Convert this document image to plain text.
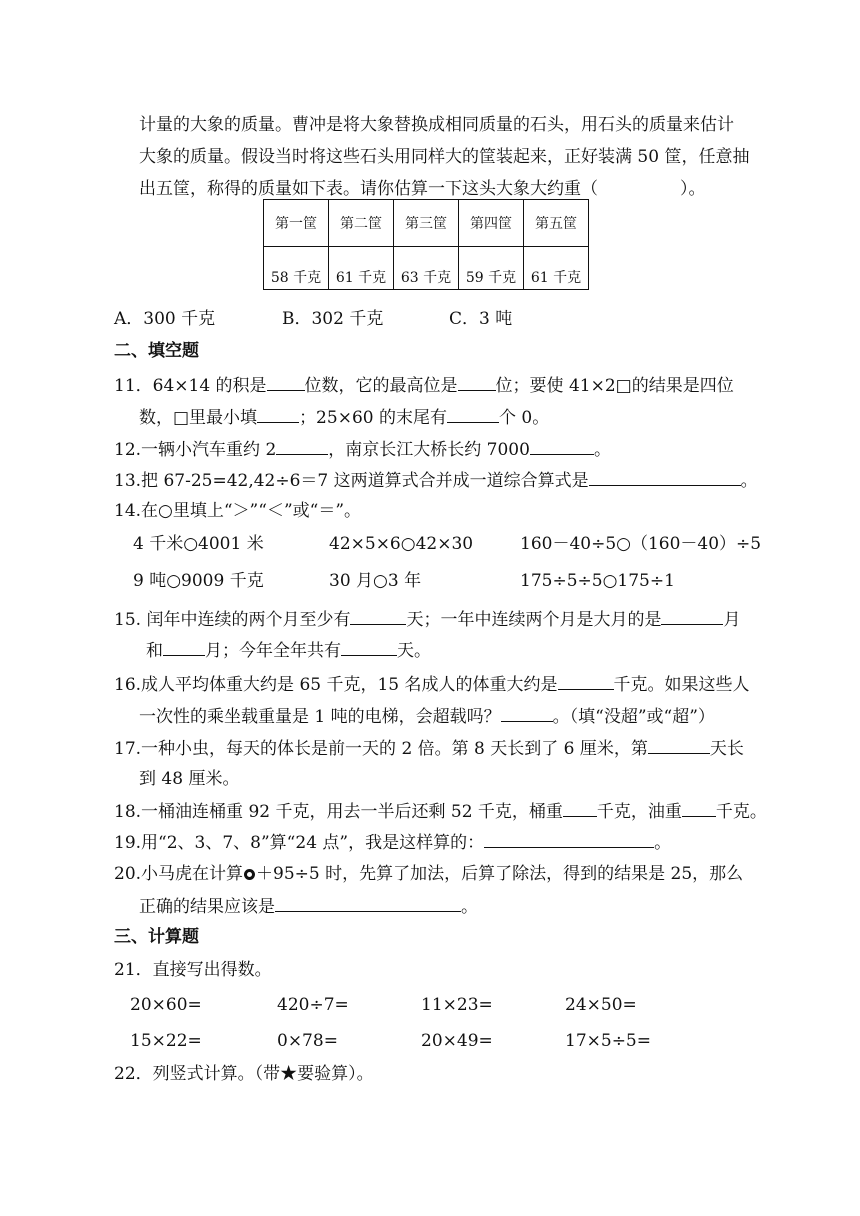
计量的大象的质量。曹冲是将大象替换成相同质量的石头，用石头的质量来估计
大象的质量。假设当时将这些石头用同样大的筐装起来，正好装满 50 筐，任意抽
出五筐，称得的质量如下表。请你估算一下这头大象大约重（	）。
第一筐	第二筐	第三筐	第四筐	第五筐
58 千克	61 千克	63 千克	59 千克	61 千克
A．300 千克	B．302 千克	C．3 吨
二、填空题
11．64×14 的积是 位数，它的最高位是 位；要使 41×2□的结果是四位
数，□里最小填 ；25×60 的末尾有	个 0。
12.一辆小汽车重约 2	，南京长江大桥长约 7000	。
13.把 67-25=42,42÷6＝7 这两道算式合并成一道综合算式是	。
14.在○里填上“＞”“＜”或“＝”。
4 千米○4001 米	42×5×6○42×30	160－40÷5○（160－40）÷5
9 吨○9009 千克	30 月○3 年	175÷5÷5○175÷1
15. 闰年中连续的两个月至少有	天；一年中连续两个月是大月的是	月
和 月；今年全年共有	天。
16.成人平均体重大约是 65 千克，15 名成人的体重大约是	千克。如果这些人
一次性的乘坐载重量是 1 吨的电梯，会超载吗？	。（填“没超”或“超”）
17.一种小虫，每天的体长是前一天的 2 倍。第 8 天长到了 6 厘米，第	天长
到 48 厘米。
18.一桶油连桶重 92 千克，用去一半后还剩 52 千克，桶重 千克，油重 千克。
19.用“2、3、7、8”算“24 点”，我是这样算的：	。
20.小马虎在计算 ＋95÷5 时，先算了加法，后算了除法，得到的结果是 25，那么
正确的结果应该是	。
三、计算题
21．直接写出得数。
20×60=	420÷7=	11×23=	24×50=
15×22=	0×78=	20×49=	17×5÷5=
22．列竖式计算。（带★要验算）。
